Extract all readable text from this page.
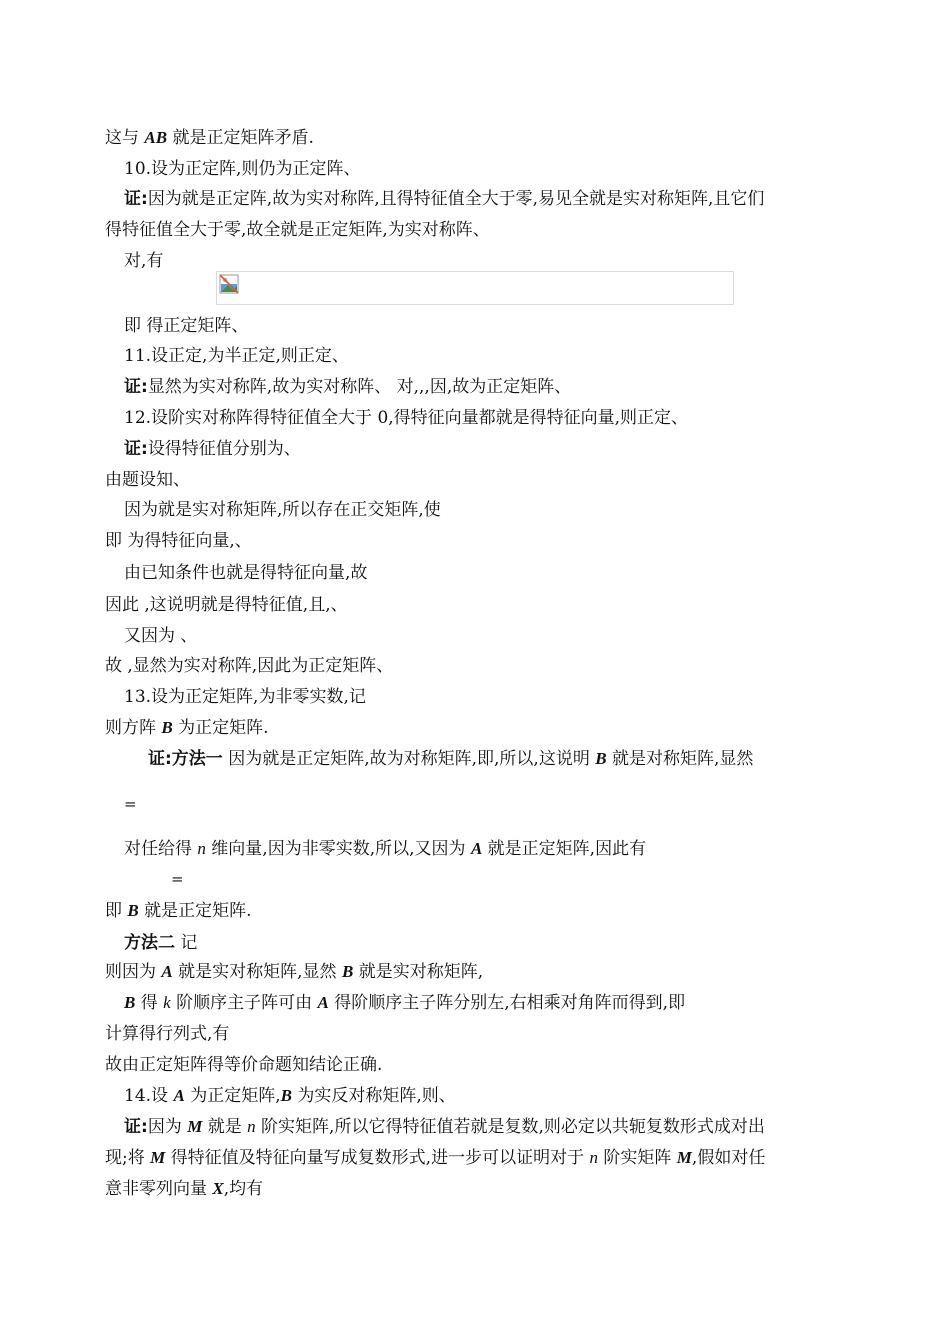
这与 AB 就是正定矩阵矛盾.
10.设为正定阵,则仍为正定阵、
证:因为就是正定阵,故为实对称阵,且得特征值全大于零,易见全就是实对称矩阵,且它们
得特征值全大于零,故全就是正定矩阵,为实对称阵、
对,有
即 得正定矩阵、
11.设正定,为半正定,则正定、
证:显然为实对称阵,故为实对称阵、 对,,,因,故为正定矩阵、
12.设阶实对称阵得特征值全大于 0,得特征向量都就是得特征向量,则正定、
证:设得特征值分别为、
由题设知、
因为就是实对称矩阵,所以存在正交矩阵,使
即 为得特征向量,、
由已知条件也就是得特征向量,故
因此 ,这说明就是得特征值,且,、
又因为 、
故 ,显然为实对称阵,因此为正定矩阵、
13.设为正定矩阵,为非零实数,记
则方阵 B 为正定矩阵.
证:方法一 因为就是正定矩阵,故为对称矩阵,即,所以,这说明 B 就是对称矩阵,显然
=
对任给得 n 维向量,因为非零实数,所以,又因为 A 就是正定矩阵,因此有
=
即 B 就是正定矩阵.
方法二 记
则因为 A 就是实对称矩阵,显然 B 就是实对称矩阵,
B 得 k 阶顺序主子阵可由 A 得阶顺序主子阵分别左,右相乘对角阵而得到,即
计算得行列式,有
故由正定矩阵得等价命题知结论正确.
14.设 A 为正定矩阵,B 为实反对称矩阵,则、
证:因为 M 就是 n 阶实矩阵,所以它得特征值若就是复数,则必定以共轭复数形式成对出
现;将 M 得特征值及特征向量写成复数形式,进一步可以证明对于 n 阶实矩阵 M,假如对任
意非零列向量 X,均有
